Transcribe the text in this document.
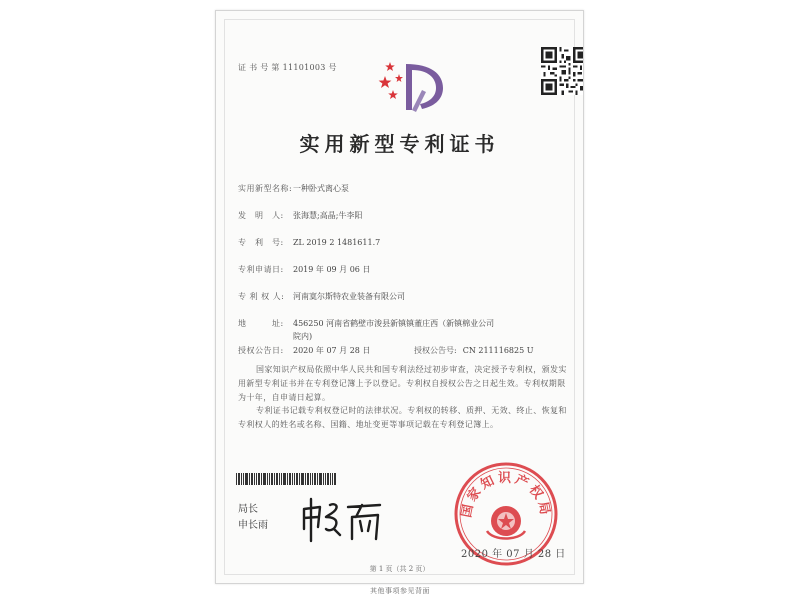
证 书 号 第 11101003 号
实用新型专利证书
实用新型名称:一种卧式离心泵
发　明　人: 张海慧;高晶;牛李阳
专　利　号: ZL 2019 2 1481611.7
专利申请日: 2019 年 09 月 06 日
专 利 权 人: 河南寞尔斯特农业装备有限公司
地　　　址: 456250 河南省鹤壁市浚县新镇镇董庄西（新镇棉业公司
院内)
授权公告日: 2020 年 07 月 28 日	授权公告号: CN 211116825 U
国家知识产权局依照中华人民共和国专利法经过初步审查，决定授予专利权，颁发实用新型专利证书并在专利登记簿上予以登记。专利权自授权公告之日起生效。专利权期限为十年，自申请日起算。
专利证书记载专利权登记时的法律状况。专利权的转移、质押、无效、终止、恢复和专利权人的姓名或名称、国籍、地址变更等事项记载在专利登记簿上。
局长
申长雨
国家知识产权局
2020 年 07 月 28 日
第 1 页（共 2 页）
其他事项参见背面
